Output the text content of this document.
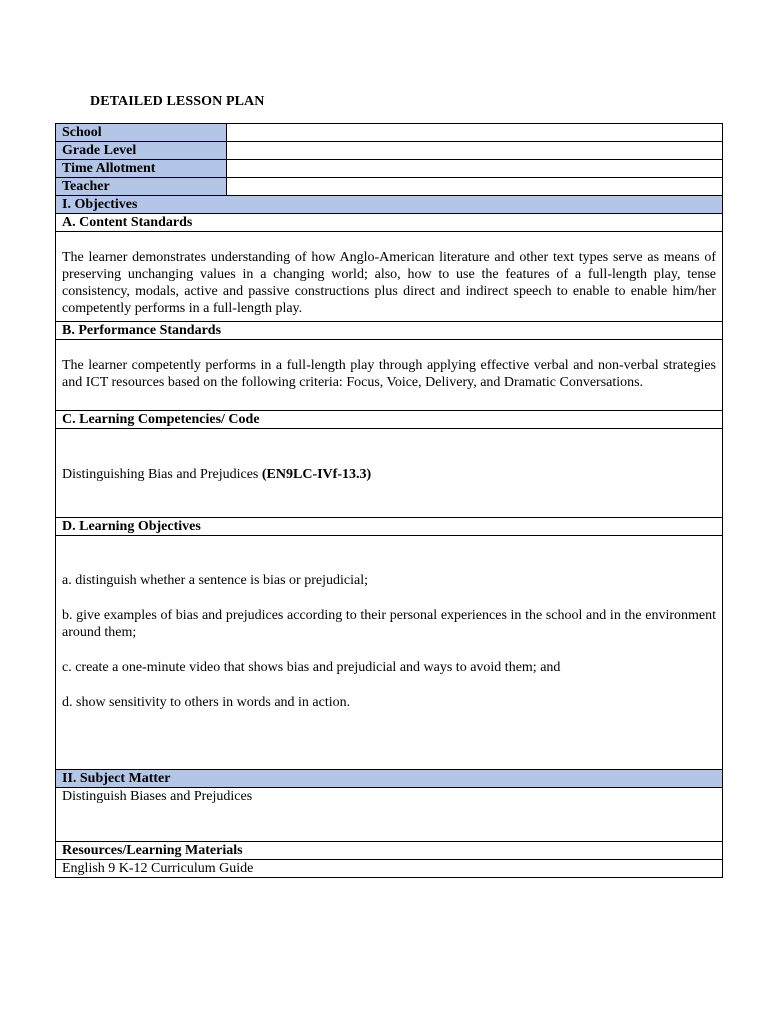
DETAILED LESSON PLAN
School	
Grade Level	
Time Allotment	
Teacher	
I. Objectives	
A. Content Standards	

The learner demonstrates understanding of how Anglo-American literature and other text types serve as means of preserving unchanging values in a changing world; also, how to use the features of a full-length play, tense consistency, modals, active and passive constructions plus direct and indirect speech to enable to enable him/her competently performs in a full-length play.	

B. Performance Standards	

The learner competently performs in a full-length play through applying effective verbal and non-verbal strategies and ICT resources based on the following criteria: Focus, Voice, Delivery, and Dramatic Conversations.	

C. Learning Competencies/ Code	
Distinguishing Bias and Prejudices (EN9LC-IVf-13.3)	
D. Learning Objectives	

a. distinguish whether a sentence is bias or prejudicial;

b. give examples of bias and prejudices according to their personal experiences in the school and in the environment around them;

c. create a one-minute video that shows bias and prejudicial and ways to avoid them; and

d. show sensitivity to others in words and in action.	

II. Subject Matter	
Distinguish Biases and Prejudices	
Resources/Learning Materials	
English 9 K-12 Curriculum Guide	
